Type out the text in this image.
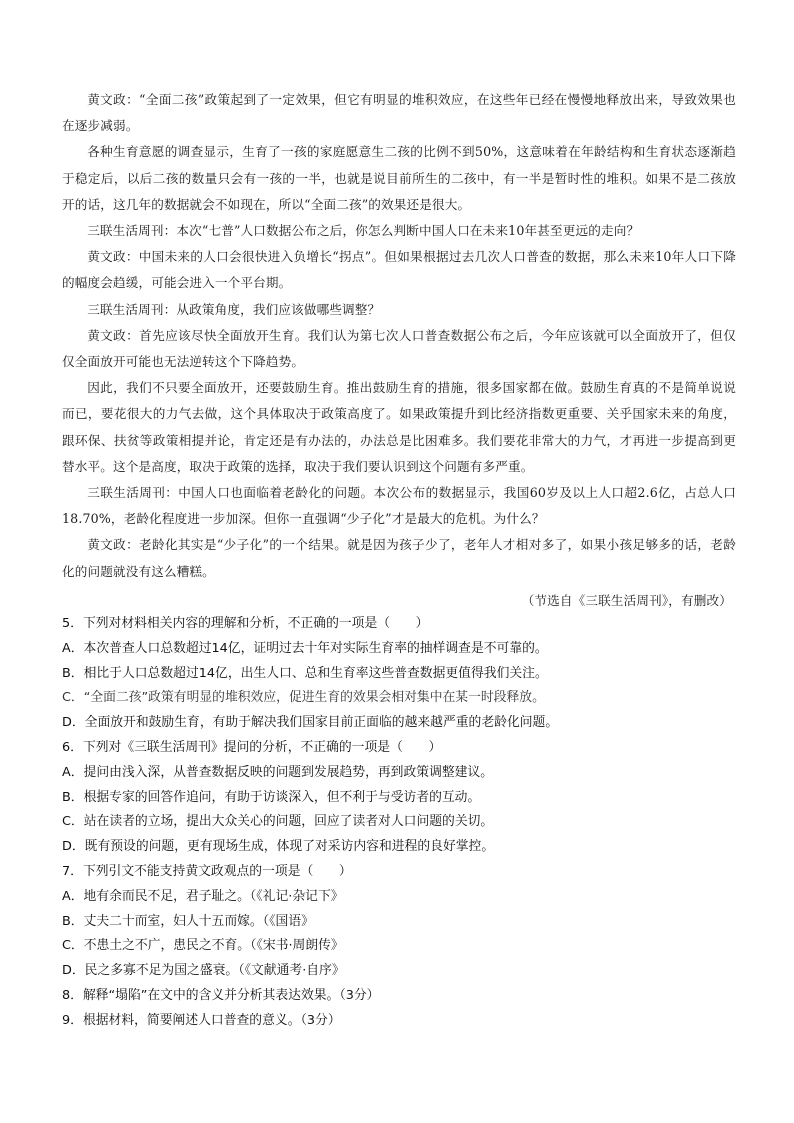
黄文政：“全面二孩”政策起到了一定效果，但它有明显的堆积效应，在这些年已经在慢慢地释放出来，导致效果也在逐步减弱。

各种生育意愿的调查显示，生育了一孩的家庭愿意生二孩的比例不到50%，这意味着在年龄结构和生育状态逐渐趋于稳定后，以后二孩的数量只会有一孩的一半，也就是说目前所生的二孩中，有一半是暂时性的堆积。如果不是二孩放开的话，这几年的数据就会不如现在，所以“全面二孩”的效果还是很大。

三联生活周刊：本次“七普”人口数据公布之后，你怎么判断中国人口在未来10年甚至更远的走向？

黄文政：中国未来的人口会很快进入负增长“拐点”。但如果根据过去几次人口普查的数据，那么未来10年人口下降的幅度会趋缓，可能会进入一个平台期。

三联生活周刊：从政策角度，我们应该做哪些调整？

黄文政：首先应该尽快全面放开生育。我们认为第七次人口普查数据公布之后，今年应该就可以全面放开了，但仅仅全面放开可能也无法逆转这个下降趋势。

因此，我们不只要全面放开，还要鼓励生育。推出鼓励生育的措施，很多国家都在做。鼓励生育真的不是简单说说而已，要花很大的力气去做，这个具体取决于政策高度了。如果政策提升到比经济指数更重要、关乎国家未来的角度，跟环保、扶贫等政策相提并论，肯定还是有办法的，办法总是比困难多。我们要花非常大的力气，才再进一步提高到更替水平。这个是高度，取决于政策的选择，取决于我们要认识到这个问题有多严重。

三联生活周刊：中国人口也面临着老龄化的问题。本次公布的数据显示，我国60岁及以上人口超2.6亿，占总人口18.70%，老龄化程度进一步加深。但你一直强调“少子化”才是最大的危机。为什么？

黄文政：老龄化其实是“少子化”的一个结果。就是因为孩子少了，老年人才相对多了，如果小孩足够多的话，老龄化的问题就没有这么糟糕。

（节选自《三联生活周刊》，有删改）

5．下列对材料相关内容的理解和分析，不正确的一项是（　　）
A．本次普查人口总数超过14亿，证明过去十年对实际生育率的抽样调查是不可靠的。
B．相比于人口总数超过14亿，出生人口、总和生育率这些普查数据更值得我们关注。
C．“全面二孩”政策有明显的堆积效应，促进生育的效果会相对集中在某一时段释放。
D．全面放开和鼓励生育，有助于解决我们国家目前正面临的越来越严重的老龄化问题。
6．下列对《三联生活周刊》提问的分析，不正确的一项是（　　）
A．提问由浅入深，从普查数据反映的问题到发展趋势，再到政策调整建议。
B．根据专家的回答作追问，有助于访谈深入，但不利于与受访者的互动。
C．站在读者的立场，提出大众关心的问题，回应了读者对人口问题的关切。
D．既有预设的问题，更有现场生成，体现了对采访内容和进程的良好掌控。
7．下列引文不能支持黄文政观点的一项是（　　）
A．地有余而民不足，君子耻之。（《礼记·杂记下》
B．丈夫二十而室，妇人十五而嫁。（《国语》
C．不患土之不广，患民之不育。（《宋书·周朗传》
D．民之多寡不足为国之盛衰。（《文献通考·自序》
8．解释“塌陷”在文中的含义并分析其表达效果。（3分）
9．根据材料，简要阐述人口普查的意义。（3分）
